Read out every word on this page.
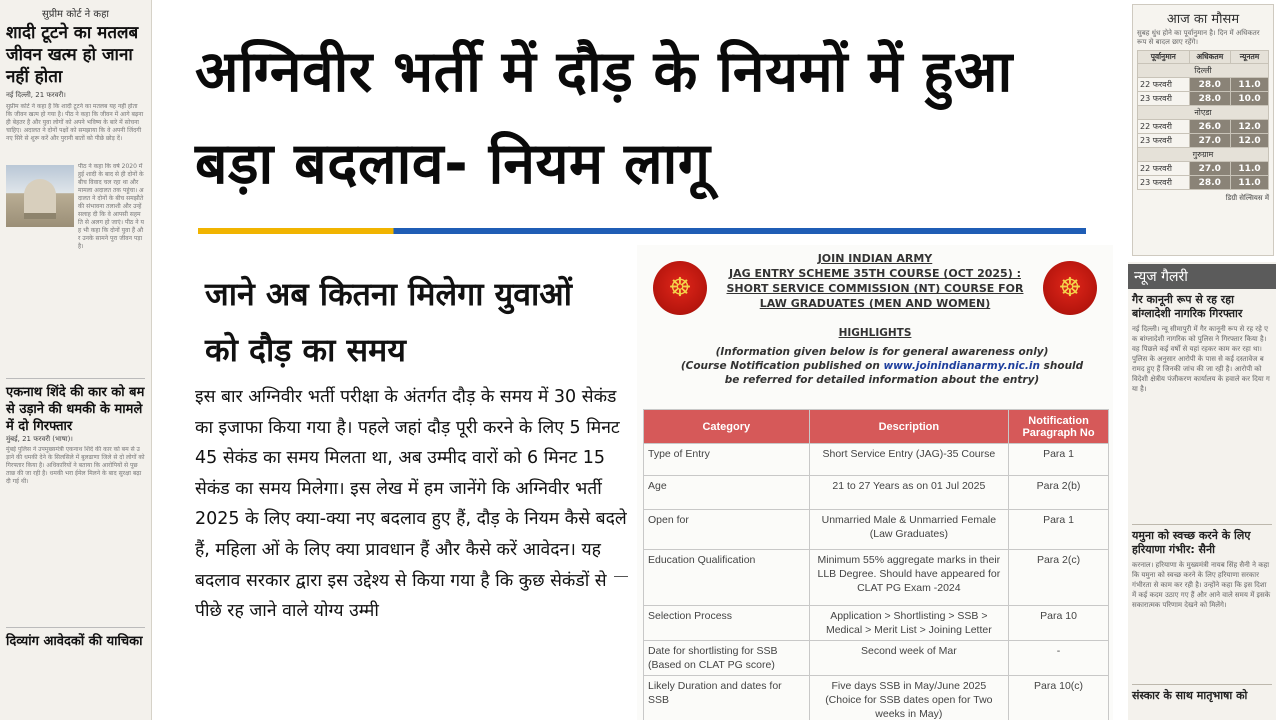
सुप्रीम कोर्ट ने कहा
शादी टूटने का मतलब जीवन खत्म हो जाना नहीं होता
नई दिल्ली, 21 फरवरी।
सुप्रीम कोर्ट ने कहा है कि शादी टूटने का मतलब यह नहीं होता कि जीवन खत्म हो गया है। पीठ ने कहा कि जीवन में आगे बढ़ना ही बेहतर है और युवा लोगों को अपने भविष्य के बारे में सोचना चाहिए। अदालत ने दोनों पक्षों को समझाया कि वे अपनी जिंदगी नए सिरे से शुरू करें और पुरानी बातों को पीछे छोड़ दें।
पीठ ने कहा कि वर्ष 2020 में हुई शादी के बाद से ही दोनों के बीच विवाद चल रहा था और मामला अदालत तक पहुंचा। अदालत ने दोनों के बीच समझौते की संभावना तलाशी और उन्हें सलाह दी कि वे आपसी सहमति से अलग हो जाएं। पीठ ने यह भी कहा कि दोनों युवा हैं और उनके सामने पूरा जीवन पड़ा है।
एकनाथ शिंदे की कार को बम से उड़ाने की धमकी के मामले में दो गिरफ्तार
मुंबई, 21 फरवरी (भाषा)।
मुंबई पुलिस ने उपमुख्यमंत्री एकनाथ शिंदे की कार को बम से उड़ाने की धमकी देने के सिलसिले में बुलढाणा जिले से दो लोगों को गिरफ्तार किया है। अधिकारियों ने बताया कि आरोपियों से पूछताछ की जा रही है। धमकी भरा ईमेल मिलने के बाद सुरक्षा बढ़ा दी गई थी।
दिव्यांग आवेदकों की याचिका
अग्निवीर भर्ती में दौड़ के नियमों में हुआ बड़ा बदलाव- नियम लागू
जाने अब कितना मिलेगा युवाओं को दौड़ का समय
इस बार अग्निवीर भर्ती परीक्षा के अंतर्गत दौड़ के समय में 30 सेकंड का इजाफा किया गया है। पहले जहां दौड़ पूरी करने के लिए 5 मिनट 45 सेकंड का समय मिलता था, अब उम्मीद वारों को 6 मिनट 15 सेकंड का समय मिलेगा। इस लेख में हम जानेंगे कि अग्निवीर भर्ती 2025 के लिए क्या-क्या नए बदलाव हुए हैं, दौड़ के नियम कैसे बदले हैं, महिला ओं के लिए क्या प्रावधान हैं और कैसे करें आवेदन। यह बदलाव सरकार द्वारा इस उद्देश्य से किया गया है कि कुछ सेकंडों से पीछे रह जाने वाले योग्य उम्मी
☸	☸
JOIN INDIAN ARMY
JAG ENTRY SCHEME 35TH COURSE (OCT 2025) : SHORT SERVICE COMMISSION (NT) COURSE FOR LAW GRADUATES (MEN AND WOMEN)
HIGHLIGHTS
(Information given below is for general awareness only)
(Course Notification published on www.joinindianarmy.nic.in should be referred for detailed information about the entry)
Category	Description	Notification Paragraph No
Type of Entry	Short Service Entry (JAG)-35 Course	Para 1
Age	21 to 27 Years as on 01 Jul 2025	Para 2(b)
Open for	Unmarried Male & Unmarried Female (Law Graduates)	Para 1
Education Qualification	Minimum 55% aggregate marks in their LLB Degree. Should have appeared for CLAT PG Exam -2024	Para 2(c)
Selection Process	Application > Shortlisting > SSB > Medical > Merit List > Joining Letter	Para 10
Date for shortlisting for SSB (Based on CLAT PG score)	Second week of Mar	-
Likely Duration and dates for SSB	Five days SSB in May/June 2025 (Choice for SSB dates open for Two weeks in May)	Para 10(c)
आज का मौसम
सुबह धुंध होने का पूर्वानुमान है। दिन में अधिकतर रूप से बादल छाए रहेंगे।
पूर्वानुमान	अधिकतम	न्यूनतम
दिल्ली		
22 फरवरी	28.0	11.0
23 फरवरी	28.0	10.0
नोएडा		
22 फरवरी	26.0	12.0
23 फरवरी	27.0	12.0
गुरुग्राम		
22 फरवरी	27.0	11.0
23 फरवरी	28.0	11.0
डिग्री सेल्सियस में
न्यूज गैलरी
गैर कानूनी रूप से रह रहा बांग्लादेशी नागरिक गिरफ्तार
नई दिल्ली। न्यू सीमापुरी में गैर कानूनी रूप से रह रहे एक बांग्लादेशी नागरिक को पुलिस ने गिरफ्तार किया है। वह पिछले कई वर्षों से यहां रहकर काम कर रहा था। पुलिस के अनुसार आरोपी के पास से कई दस्तावेज बरामद हुए हैं जिनकी जांच की जा रही है। आरोपी को विदेशी क्षेत्रीय पंजीकरण कार्यालय के हवाले कर दिया गया है।
यमुना को स्वच्छ करने के लिए हरियाणा गंभीर: सैनी
करनाल। हरियाणा के मुख्यमंत्री नायब सिंह सैनी ने कहा कि यमुना को स्वच्छ करने के लिए हरियाणा सरकार गंभीरता से काम कर रही है। उन्होंने कहा कि इस दिशा में कई कदम उठाए गए हैं और आने वाले समय में इसके सकारात्मक परिणाम देखने को मिलेंगे।
संस्कार के साथ मातृभाषा को
